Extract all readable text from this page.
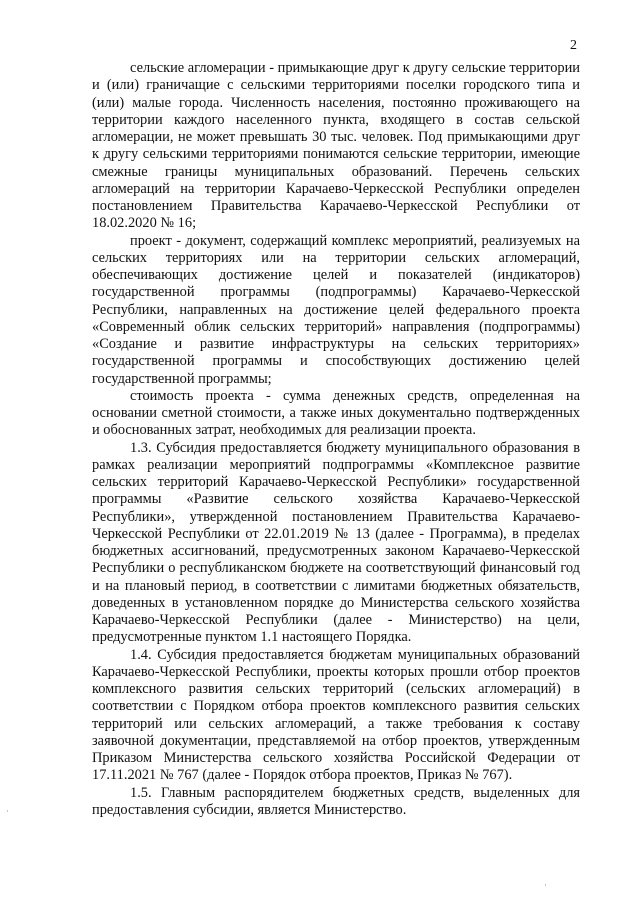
2

сельские агломерации - примыкающие друг к другу сельские территории и (или) граничащие с сельскими территориями поселки городского типа и (или) малые города. Численность населения, постоянно проживающего на территории каждого населенного пункта, входящего в состав сельской агломерации, не может превышать 30 тыс. человек. Под примыкающими друг к другу сельскими территориями понимаются сельские территории, имеющие смежные границы муниципальных образований. Перечень сельских агломераций на территории Карачаево-Черкесской Республики определен постановлением Правительства Карачаево-Черкесской Республики от 18.02.2020 № 16;

проект - документ, содержащий комплекс мероприятий, реализуемых на сельских территориях или на территории сельских агломераций, обеспечивающих достижение целей и показателей (индикаторов) государственной программы (подпрограммы) Карачаево-Черкесской Республики, направленных на достижение целей федерального проекта «Современный облик сельских территорий» направления (подпрограммы) «Создание и развитие инфраструктуры на сельских территориях» государственной программы и способствующих достижению целей государственной программы;

стоимость проекта - сумма денежных средств, определенная на основании сметной стоимости, а также иных документально подтвержденных и обоснованных затрат, необходимых для реализации проекта.

1.3. Субсидия предоставляется бюджету муниципального образования в рамках реализации мероприятий подпрограммы «Комплексное развитие сельских территорий Карачаево-Черкесской Республики» государственной программы «Развитие сельского хозяйства Карачаево-Черкесской Республики», утвержденной постановлением Правительства Карачаево-Черкесской Республики от 22.01.2019 № 13 (далее - Программа), в пределах бюджетных ассигнований, предусмотренных законом Карачаево-Черкесской Республики о республиканском бюджете на соответствующий финансовый год и на плановый период, в соответствии с лимитами бюджетных обязательств, доведенных в установленном порядке до Министерства сельского хозяйства Карачаево-Черкесской Республики (далее - Министерство) на цели, предусмотренные пунктом 1.1 настоящего Порядка.

1.4. Субсидия предоставляется бюджетам муниципальных образований Карачаево-Черкесской Республики, проекты которых прошли отбор проектов комплексного развития сельских территорий (сельских агломераций) в соответствии с Порядком отбора проектов комплексного развития сельских территорий или сельских агломераций, а также требования к составу заявочной документации, представляемой на отбор проектов, утвержденным Приказом Министерства сельского хозяйства Российской Федерации от 17.11.2021 № 767 (далее - Порядок отбора проектов, Приказ № 767).

1.5. Главным распорядителем бюджетных средств, выделенных для предоставления субсидии, является Министерство.

·
·
